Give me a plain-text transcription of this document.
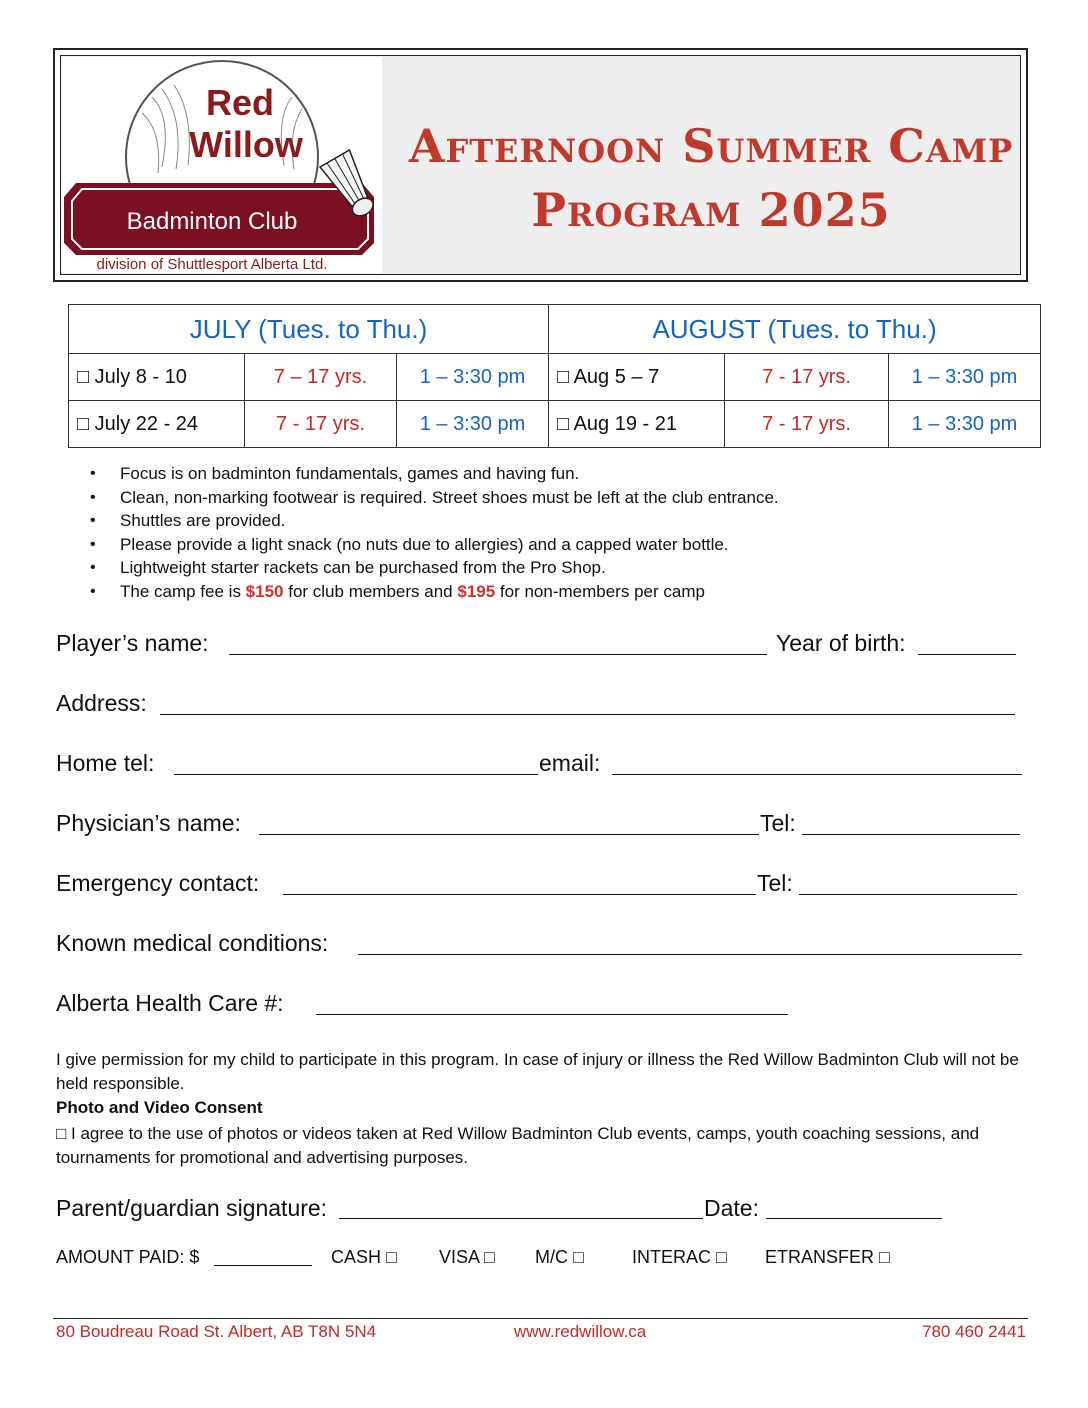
Red
Willow
Badminton Club
division of Shuttlesport Alberta Ltd.
Afternoon Summer Camp
Program 2025
JULY (Tues. to Thu.)			AUGUST (Tues. to Thu.)		
□ July 8 - 10	7 – 17 yrs.	1 – 3:30 pm	□ Aug 5 – 7	7 - 17 yrs.	1 – 3:30 pm
□ July 22 - 24	7 - 17 yrs.	1 – 3:30 pm	□ Aug 19 - 21	7 - 17 yrs.	1 – 3:30 pm
• Focus is on badminton fundamentals, games and having fun.
• Clean, non-marking footwear is required. Street shoes must be left at the club entrance.
• Shuttles are provided.
• Please provide a light snack (no nuts due to allergies) and a capped water bottle.
• Lightweight starter rackets can be purchased from the Pro Shop.
• The camp fee is $150 for club members and $195 for non-members per camp
Player’s name:	Year of birth:
Address:
Home tel:	email:
Physician’s name:	Tel:
Emergency contact:	Tel:
Known medical conditions:
Alberta Health Care #:
I give permission for my child to participate in this program. In case of injury or illness the Red Willow Badminton Club will not be held responsible.
Photo and Video Consent
□ I agree to the use of photos or videos taken at Red Willow Badminton Club events, camps, youth coaching sessions, and tournaments for promotional and advertising purposes.
Parent/guardian signature:	Date:
AMOUNT PAID: $	CASH □ VISA □ M/C □	INTERAC □ ETRANSFER □
80 Boudreau Road St. Albert, AB T8N 5N4	www.redwillow.ca	780 460 2441
